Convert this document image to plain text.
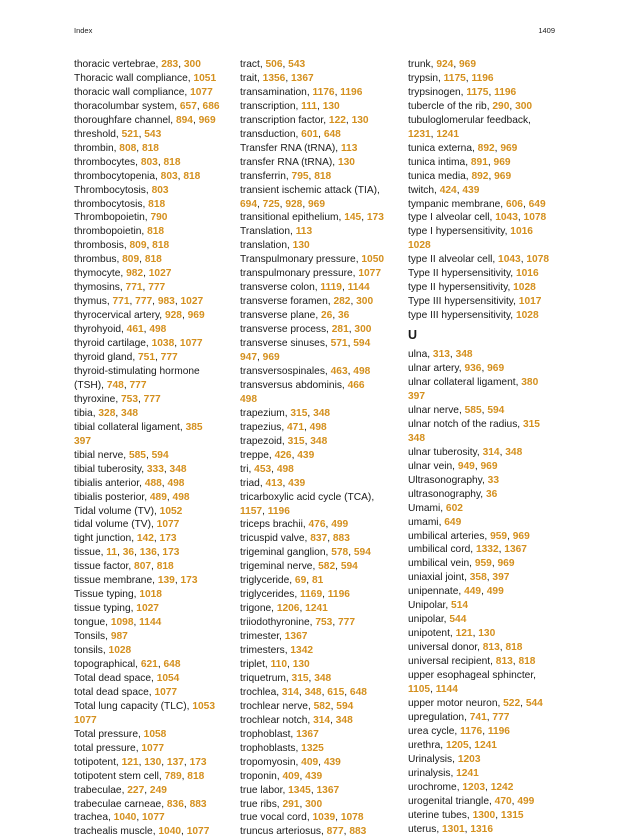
Index	1409
thoracic vertebrae, 283, 300
Thoracic wall compliance, 1051
thoracic wall compliance, 1077
thoracolumbar system, 657, 686
thoroughfare channel, 894, 969
threshold, 521, 543
thrombin, 808, 818
thrombocytes, 803, 818
thrombocytopenia, 803, 818
Thrombocytosis, 803
thrombocytosis, 818
Thrombopoietin, 790
thrombopoietin, 818
thrombosis, 809, 818
thrombus, 809, 818
thymocyte, 982, 1027
thymosins, 771, 777
thymus, 771, 777, 983, 1027
thyrocervical artery, 928, 969
thyrohyoid, 461, 498
thyroid cartilage, 1038, 1077
thyroid gland, 751, 777
thyroid-stimulating hormone
(TSH), 748, 777
thyroxine, 753, 777
tibia, 328, 348
tibial collateral ligament, 385
397
tibial nerve, 585, 594
tibial tuberosity, 333, 348
tibialis anterior, 488, 498
tibialis posterior, 489, 498
Tidal volume (TV), 1052
tidal volume (TV), 1077
tight junction, 142, 173
tissue, 11, 36, 136, 173
tissue factor, 807, 818
tissue membrane, 139, 173
Tissue typing, 1018
tissue typing, 1027
tongue, 1098, 1144
Tonsils, 987
tonsils, 1028
topographical, 621, 648
Total dead space, 1054
total dead space, 1077
Total lung capacity (TLC), 1053
1077
Total pressure, 1058
total pressure, 1077
totipotent, 121, 130, 137, 173
totipotent stem cell, 789, 818
trabeculae, 227, 249
trabeculae carneae, 836, 883
trachea, 1040, 1077
trachealis muscle, 1040, 1077
tract, 506, 543
trait, 1356, 1367
transamination, 1176, 1196
transcription, 111, 130
transcription factor, 122, 130
transduction, 601, 648
Transfer RNA (tRNA), 113
transfer RNA (tRNA), 130
transferrin, 795, 818
transient ischemic attack (TIA),
694, 725, 928, 969
transitional epithelium, 145, 173
Translation, 113
translation, 130
Transpulmonary pressure, 1050
transpulmonary pressure, 1077
transverse colon, 1119, 1144
transverse foramen, 282, 300
transverse plane, 26, 36
transverse process, 281, 300
transverse sinuses, 571, 594
947, 969
transversospinales, 463, 498
transversus abdominis, 466
498
trapezium, 315, 348
trapezius, 471, 498
trapezoid, 315, 348
treppe, 426, 439
tri, 453, 498
triad, 413, 439
tricarboxylic acid cycle (TCA),
1157, 1196
triceps brachii, 476, 499
tricuspid valve, 837, 883
trigeminal ganglion, 578, 594
trigeminal nerve, 582, 594
triglyceride, 69, 81
triglycerides, 1169, 1196
trigone, 1206, 1241
triiodothyronine, 753, 777
trimester, 1367
trimesters, 1342
triplet, 110, 130
triquetrum, 315, 348
trochlea, 314, 348, 615, 648
trochlear nerve, 582, 594
trochlear notch, 314, 348
trophoblast, 1367
trophoblasts, 1325
tropomyosin, 409, 439
troponin, 409, 439
true labor, 1345, 1367
true ribs, 291, 300
true vocal cord, 1039, 1078
truncus arteriosus, 877, 883
trunk, 924, 969
trypsin, 1175, 1196
trypsinogen, 1175, 1196
tubercle of the rib, 290, 300
tubuloglomerular feedback,
1231, 1241
tunica externa, 892, 969
tunica intima, 891, 969
tunica media, 892, 969
twitch, 424, 439
tympanic membrane, 606, 649
type I alveolar cell, 1043, 1078
type I hypersensitivity, 1016
1028
type II alveolar cell, 1043, 1078
Type II hypersensitivity, 1016
type II hypersensitivity, 1028
Type III hypersensitivity, 1017
type III hypersensitivity, 1028
U
ulna, 313, 348
ulnar artery, 936, 969
ulnar collateral ligament, 380
397
ulnar nerve, 585, 594
ulnar notch of the radius, 315
348
ulnar tuberosity, 314, 348
ulnar vein, 949, 969
Ultrasonography, 33
ultrasonography, 36
Umami, 602
umami, 649
umbilical arteries, 959, 969
umbilical cord, 1332, 1367
umbilical vein, 959, 969
uniaxial joint, 358, 397
unipennate, 449, 499
Unipolar, 514
unipolar, 544
unipotent, 121, 130
universal donor, 813, 818
universal recipient, 813, 818
upper esophageal sphincter,
1105, 1144
upper motor neuron, 522, 544
upregulation, 741, 777
urea cycle, 1176, 1196
urethra, 1205, 1241
Urinalysis, 1203
urinalysis, 1241
urochrome, 1203, 1242
urogenital triangle, 470, 499
uterine tubes, 1300, 1315
uterus, 1301, 1316
